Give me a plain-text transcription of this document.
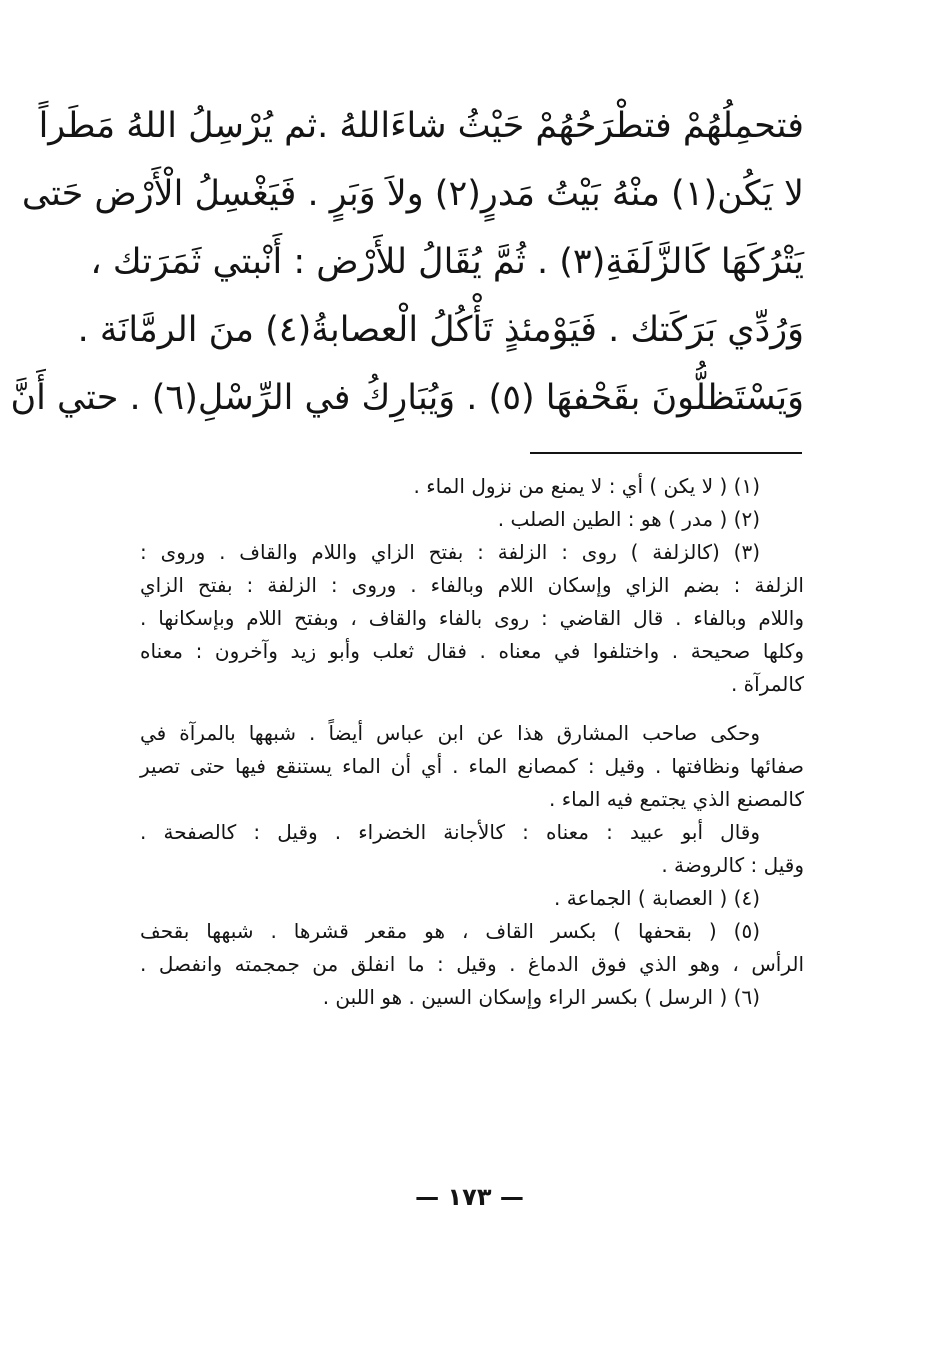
فتحمِلُهُمْ فتطْرَحُهُمْ حَيْثُ شاءَاللهُ .ثم يُرْسِلُ اللهُ مَطَراً
لا يَكُن(١) منْهُ بَيْتُ مَدرٍ(٢) ولاَ وَبَرٍ . فَيَغْسِلُ الْأَرْض حَتى
يَتْرُكَهَا كَالزَّلَفَةِ(٣) . ثُمَّ يُقَالُ للأَرْض : أَنْبتي ثَمَرَتك ،
وَرُدِّي بَرَكَتك . فَيَوْمئذٍ تَأْكُلُ الْعصابةُ(٤) منَ الرمَّانَة .
وَيَسْتَظلُّونَ بقَحْفهَا (٥) . وَيُبَارِكُ في الرِّسْلِ(٦) . حتي أَنَّ
(١) ( لا يكن ) أي : لا يمنع من نزول الماء .
(٢) ( مدر ) هو : الطين الصلب .
(٣) (كالزلفة ) روى : الزلفة : بفتح الزاي واللام والقاف . وروى :
الزلفة : بضم الزاي وإسكان اللام وبالفاء . وروى : الزلفة : بفتح الزاي
واللام وبالفاء . قال القاضي : روى بالفاء والقاف ، وبفتح اللام وبإسكانها .
وكلها صحيحة . واختلفوا في معناه . فقال ثعلب وأبو زيد وآخرون : معناه
كالمرآة .
وحكى صاحب المشارق هذا عن ابن عباس أيضاً . شبهها بالمرآة في
صفائها ونظافتها . وقيل : كمصانع الماء . أي أن الماء يستنقع فيها حتى تصير
كالمصنع الذي يجتمع فيه الماء .
وقال أبو عبيد : معناه : كالأجانة الخضراء . وقيل : كالصفحة .
وقيل : كالروضة .
(٤) ( العصابة ) الجماعة .
(٥) ( بقحفها ) بكسر القاف ، هو مقعر قشرها . شبهها بقحف
الرأس ، وهو الذي فوق الدماغ . وقيل : ما انفلق من جمجمته وانفصل .
(٦) ( الرسل ) بكسر الراء وإسكان السين . هو اللبن .
— ١٧٣ —
